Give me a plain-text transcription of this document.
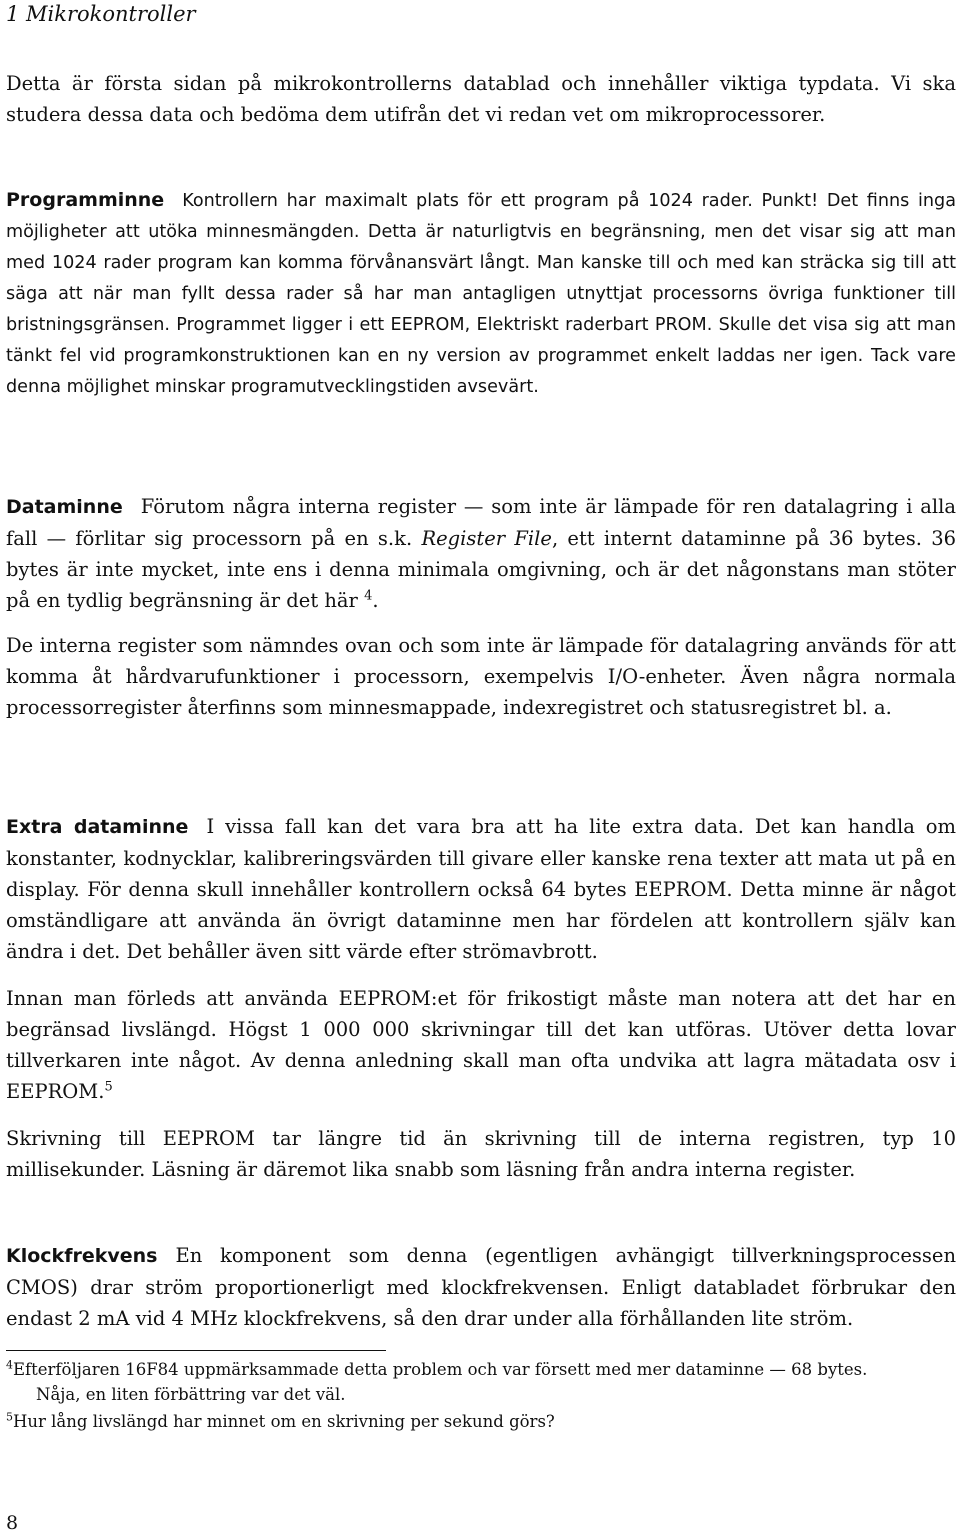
1 Mikrokontroller

Detta är första sidan på mikrokontrollerns datablad och innehåller viktiga typdata. Vi ska studera dessa data och bedöma dem utifrån det vi redan vet om mikroprocessorer.

Programminne Kontrollern har maximalt plats för ett program på 1024 rader. Punkt! Det finns inga möjligheter att utöka minnesmängden. Detta är naturligtvis en begränsning, men det visar sig att man med 1024 rader program kan komma förvånansvärt långt. Man kanske till och med kan sträcka sig till att säga att när man fyllt dessa rader så har man antagligen utnyttjat processorns övriga funktioner till bristningsgränsen. Programmet ligger i ett EEPROM, Elektriskt raderbart PROM. Skulle det visa sig att man tänkt fel vid programkonstruktionen kan en ny version av programmet enkelt laddas ner igen. Tack vare denna möjlighet minskar programutvecklingstiden avsevärt.

Dataminne Förutom några interna register — som inte är lämpade för ren datalagring i alla fall — förlitar sig processorn på en s.k. Register File, ett internt dataminne på 36 bytes. 36 bytes är inte mycket, inte ens i denna minimala omgivning, och är det någonstans man stöter på en tydlig begränsning är det här $^4$.

De interna register som nämndes ovan och som inte är lämpade för datalagring används för att komma åt hårdvarufunktioner i processorn, exempelvis I/O-enheter. Även några normala processorregister återfinns som minnesmappade, indexregistret och statusregistret bl. a.

Extra dataminne I vissa fall kan det vara bra att ha lite extra data. Det kan handla om konstanter, kodnycklar, kalibreringsvärden till givare eller kanske rena texter att mata ut på en display. För denna skull innehåller kontrollern också 64 bytes EEPROM. Detta minne är något omständligare att använda än övrigt dataminne men har fördelen att kontrollern själv kan ändra i det. Det behåller även sitt värde efter strömavbrott.

Innan man förleds att använda EEPROM:et för frikostigt måste man notera att det har en begränsad livslängd. Högst 1 000 000 skrivningar till det kan utföras. Utöver detta lovar tillverkaren inte något. Av denna anledning skall man ofta undvika att lagra mätadata osv i EEPROM.$^5$

Skrivning till EEPROM tar längre tid än skrivning till de interna registren, typ 10 millisekunder. Läsning är däremot lika snabb som läsning från andra interna register.

Klockfrekvens En komponent som denna (egentligen avhängigt tillverkningsprocessen CMOS) drar ström proportionerligt med klockfrekvensen. Enligt databladet förbrukar den endast 2 mA vid 4 MHz klockfrekvens, så den drar under alla förhållanden lite ström.

$^4$Efterföljaren 16F84 uppmärksammade detta problem och var försett med mer dataminne — 68 bytes.
Nåja, en liten förbättring var det väl.

$^5$Hur lång livslängd har minnet om en skrivning per sekund görs?

8
